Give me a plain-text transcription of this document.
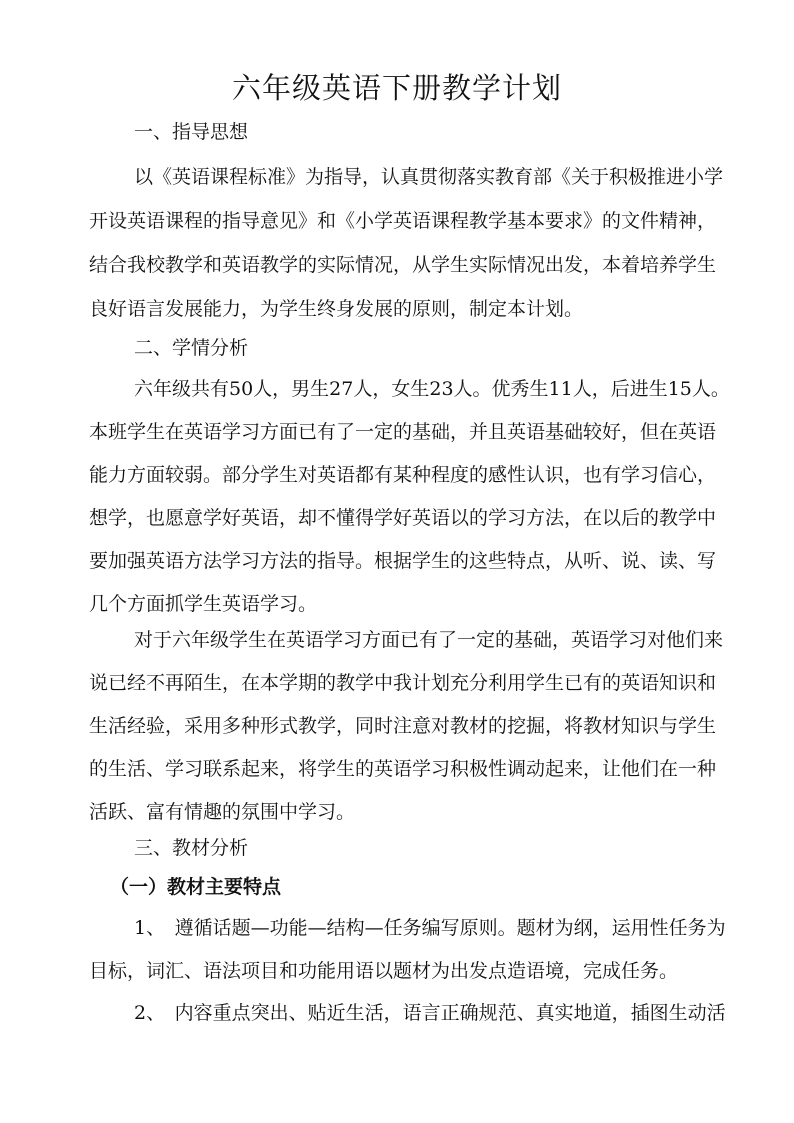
六年级英语下册教学计划
一、指导思想
以《英语课程标准》为指导，认真贯彻落实教育部《关于积极推进小学
开设英语课程的指导意见》和《小学英语课程教学基本要求》的文件精神，
结合我校教学和英语教学的实际情况，从学生实际情况出发，本着培养学生
良好语言发展能力，为学生终身发展的原则，制定本计划。
二、学情分析
六年级共有50人，男生27人，女生23人。优秀生11人，后进生15人。
本班学生在英语学习方面已有了一定的基础，并且英语基础较好，但在英语
能力方面较弱。部分学生对英语都有某种程度的感性认识，也有学习信心，
想学，也愿意学好英语，却不懂得学好英语以的学习方法，在以后的教学中
要加强英语方法学习方法的指导。根据学生的这些特点，从听、说、读、写
几个方面抓学生英语学习。
对于六年级学生在英语学习方面已有了一定的基础，英语学习对他们来
说已经不再陌生，在本学期的教学中我计划充分利用学生已有的英语知识和
生活经验，采用多种形式教学，同时注意对教材的挖掘，将教材知识与学生
的生活、学习联系起来，将学生的英语学习积极性调动起来，让他们在一种
活跃、富有情趣的氛围中学习。
三、教材分析
（一）教材主要特点
1、　遵循话题—功能—结构—任务编写原则。题材为纲，运用性任务为
目标，词汇、语法项目和功能用语以题材为出发点造语境，完成任务。
2、　内容重点突出、贴近生活，语言正确规范、真实地道，插图生动活
